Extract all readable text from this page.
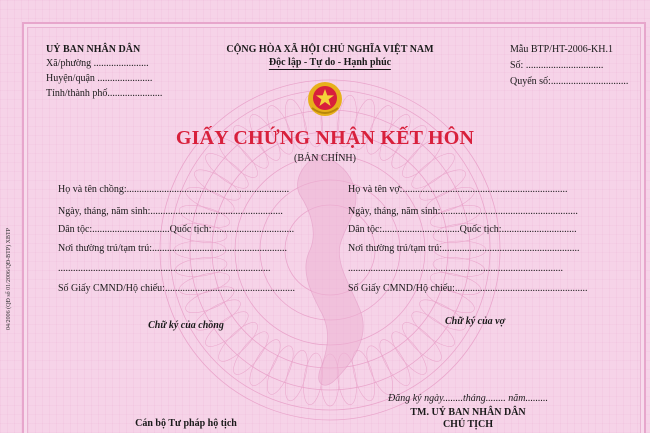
04/2006 (QĐ số 01/2006/QĐ-BTP) XBTP
UỶ BAN NHÂN DÂN
Xã/phường ......................
Huyện/quận ......................
Tỉnh/thành phố......................
CỘNG HÒA XÃ HỘI CHỦ NGHĨA VIỆT NAM
Độc lập - Tự do - Hạnh phúc
Mẫu BTP/HT-2006-KH.1
Số: ...............................
Quyển số:...............................
GIẤY CHỨNG NHẬN KẾT HÔN
(BẢN CHÍNH)
Họ và tên chồng:.................................................................
Ngày, tháng, năm sinh:.....................................................
Dân tộc:...............................Quốc tịch:.................................
Nơi thường trú/tạm trú:......................................................
.....................................................................................
Số Giấy CMND/Hộ chiếu:....................................................
Họ và tên vợ:..................................................................
Ngày, tháng, năm sinh:.......................................................
Dân tộc:...............................Quốc tịch:..............................
Nơi thường trú/tạm trú:.......................................................
......................................................................................
Số Giấy CMND/Hộ chiếu:.....................................................
Chữ ký của chồng	Chữ ký của vợ
Đăng ký ngày........tháng........ năm.........
TM. UỶ BAN NHÂN DÂN
CHỦ TỊCH
Cán bộ Tư pháp hộ tịch
